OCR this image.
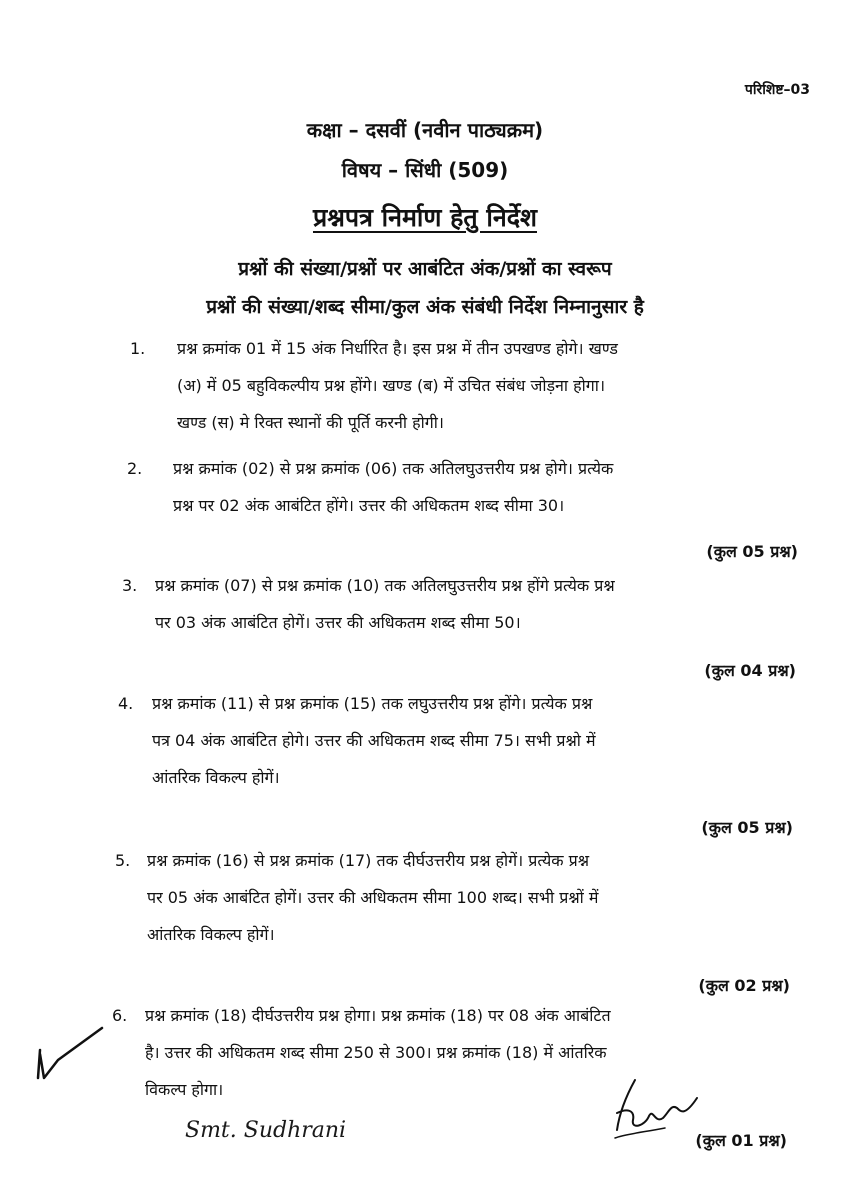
परिशिष्ट–03
कक्षा – दसवीं (नवीन पाठ्यक्रम)
विषय – सिंधी (509)
प्रश्नपत्र निर्माण हेतु निर्देश
प्रश्नों की संख्या/प्रश्नों पर आबंटित अंक/प्रश्नों का स्वरूप
प्रश्नों की संख्या/शब्द सीमा/कुल अंक संबंधी निर्देश निम्नानुसार है
1. प्रश्न क्रमांक 01 में 15 अंक निर्धारित है। इस प्रश्न में तीन उपखण्ड होगे। खण्ड
(अ) में 05 बहुविकल्पीय प्रश्न होंगे। खण्ड (ब) में उचित संबंध जोड़ना होगा।
खण्ड (स) मे रिक्त स्थानों की पूर्ति करनी होगी।
2. प्रश्न क्रमांक (02) से प्रश्न क्रमांक (06) तक अतिलघुउत्तरीय प्रश्न होगे। प्रत्येक
प्रश्न पर 02 अंक आबंटित होंगे। उत्तर की अधिकतम शब्द सीमा 30।
(कुल 05 प्रश्न)
3. प्रश्न क्रमांक (07) से प्रश्न क्रमांक (10) तक अतिलघुउत्तरीय प्रश्न होंगे प्रत्येक प्रश्न
पर 03 अंक आबंटित होगें। उत्तर की अधिकतम शब्द सीमा 50।
(कुल 04 प्रश्न)
4. प्रश्न क्रमांक (11) से प्रश्न क्रमांक (15) तक लघुउत्तरीय प्रश्न होंगे। प्रत्येक प्रश्न
पत्र 04 अंक आबंटित होगे। उत्तर की अधिकतम शब्द सीमा 75। सभी प्रश्नो में
आंतरिक विकल्प होगें।
(कुल 05 प्रश्न)
5. प्रश्न क्रमांक (16) से प्रश्न क्रमांक (17) तक दीर्घउत्तरीय प्रश्न होगें। प्रत्येक प्रश्न
पर 05 अंक आबंटित होगें। उत्तर की अधिकतम सीमा 100 शब्द। सभी प्रश्नों में
आंतरिक विकल्प होगें।
(कुल 02 प्रश्न)
6. प्रश्न क्रमांक (18) दीर्घउत्तरीय प्रश्न होगा। प्रश्न क्रमांक (18) पर 08 अंक आबंटित
है। उत्तर की अधिकतम शब्द सीमा 250 से 300। प्रश्न क्रमांक (18) में आंतरिक
विकल्प होगा।
(कुल 01 प्रश्न)
Smt. Sudhrani
